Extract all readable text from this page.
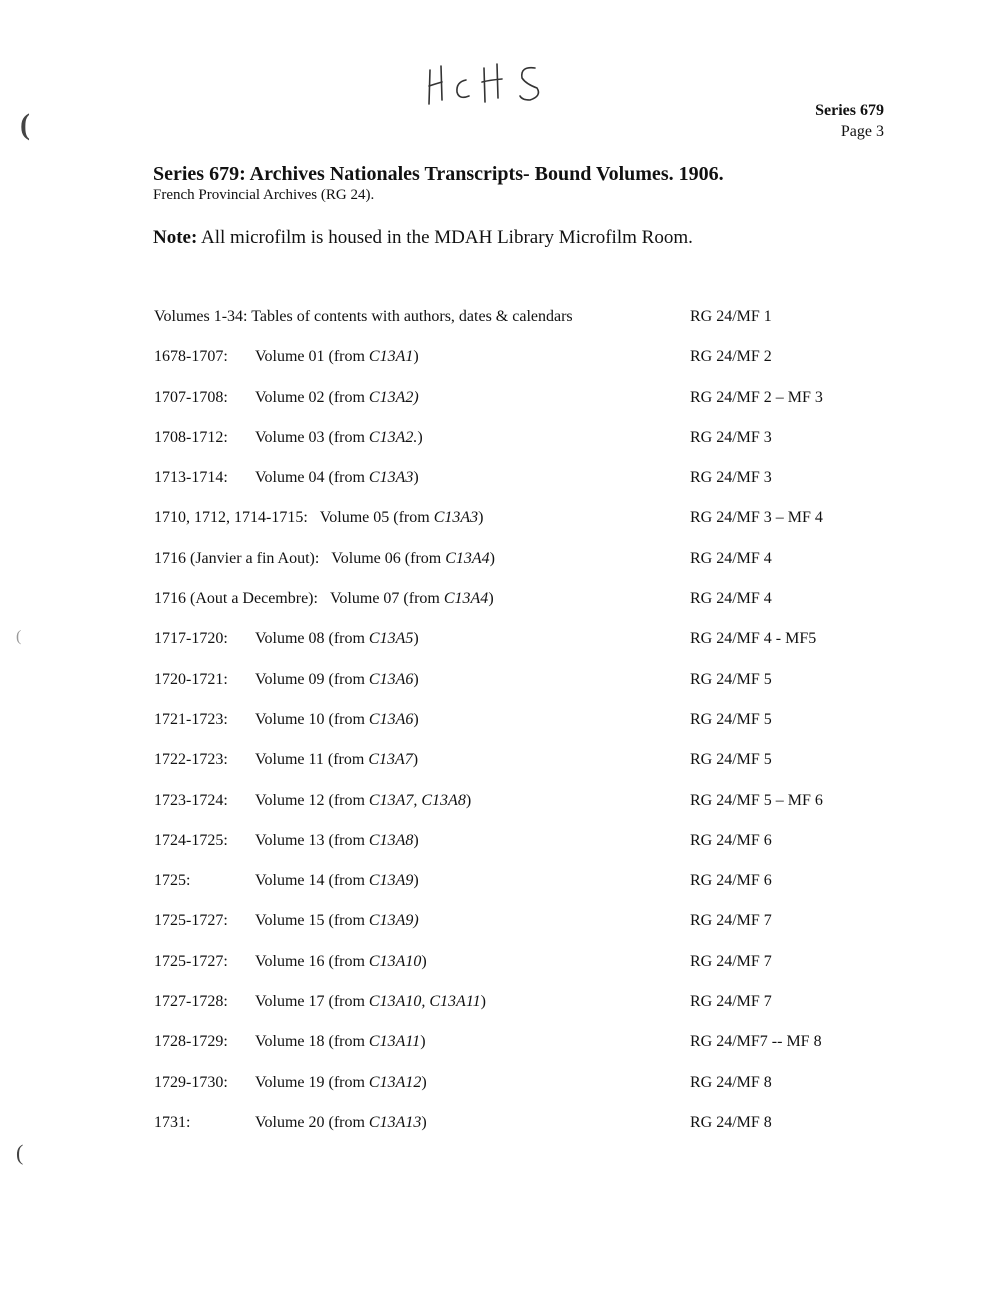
Series 679
Page 3
Series 679: Archives Nationales Transcripts- Bound Volumes. 1906.
French Provincial Archives (RG 24).
Note: All microfilm is housed in the MDAH Library Microfilm Room.
Volumes 1-34: Tables of contents with authors, dates & calendars	RG 24/MF 1
1678-1707: Volume 01 (from C13A1)	RG 24/MF 2
1707-1708: Volume 02 (from C13A2)	RG 24/MF 2 – MF 3
1708-1712: Volume 03 (from C13A2.)	RG 24/MF 3
1713-1714: Volume 04 (from C13A3)	RG 24/MF 3
1710, 1712, 1714-1715: Volume 05 (from C13A3)	RG 24/MF 3 – MF 4
1716 (Janvier a fin Aout): Volume 06 (from C13A4)	RG 24/MF 4
1716 (Aout a Decembre): Volume 07 (from C13A4)	RG 24/MF 4
1717-1720: Volume 08 (from C13A5)	RG 24/MF 4 - MF5
1720-1721: Volume 09 (from C13A6)	RG 24/MF 5
1721-1723: Volume 10 (from C13A6)	RG 24/MF 5
1722-1723: Volume 11 (from C13A7)	RG 24/MF 5
1723-1724: Volume 12 (from C13A7, C13A8)	RG 24/MF 5 – MF 6
1724-1725: Volume 13 (from C13A8)	RG 24/MF 6
1725:	Volume 14 (from C13A9)	RG 24/MF 6
1725-1727: Volume 15 (from C13A9)	RG 24/MF 7
1725-1727: Volume 16 (from C13A10)	RG 24/MF 7
1727-1728: Volume 17 (from C13A10, C13A11)	RG 24/MF 7
1728-1729: Volume 18 (from C13A11)	RG 24/MF7 -- MF 8
1729-1730: Volume 19 (from C13A12)	RG 24/MF 8
1731:	Volume 20 (from C13A13)	RG 24/MF 8
(
(
(
